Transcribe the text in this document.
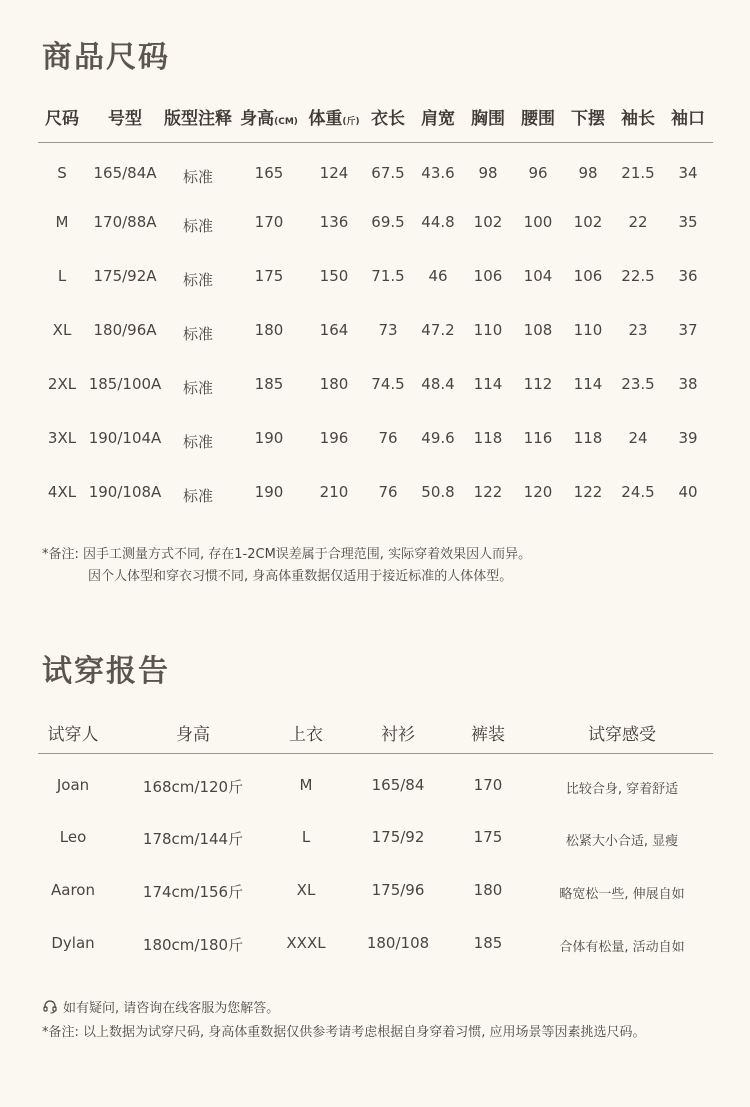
商品尺码
尺码 号型 版型注释 身高(CM) 体重(斤) 衣长 肩宽 胸围 腰围 下摆 袖长 袖口
S 165/84A 标准	165 124 67.5 43.6 98 96 98 21.5 34
M 170/88A 标准	170 136 69.5 44.8 102 100 102 22 35
L 175/92A 标准	175 150 71.5 46 106 104 106 22.5 36
XL 180/96A 标准	180 164 73 47.2 110 108 110 23 37
2XL 185/100A 标准	185 180 74.5 48.4 114 112 114 23.5 38
3XL 190/104A 标准	190 196 76 49.6 118 116 118 24 39
4XL 190/108A 标准	190 210 76 50.8 122 120 122 24.5 40
*备注: 因手工测量方式不同, 存在1-2CM误差属于合理范围, 实际穿着效果因人而异。
因个人体型和穿衣习惯不同, 身高体重数据仅适用于接近标准的人体体型。
试穿报告
试穿人	身高	上衣	衬衫	裤装	试穿感受
Joan	168cm/120斤	M	165/84	170	比较合身, 穿着舒适
Leo	178cm/144斤	L	175/92	175	松紧大小合适, 显瘦
Aaron	174cm/156斤	XL	175/96	180	略宽松一些, 伸展自如
Dylan	180cm/180斤	XXXL	180/108	185	合体有松量, 活动自如
如有疑问, 请咨询在线客服为您解答。
*备注: 以上数据为试穿尺码, 身高体重数据仅供参考请考虑根据自身穿着习惯, 应用场景等因素挑选尺码。
